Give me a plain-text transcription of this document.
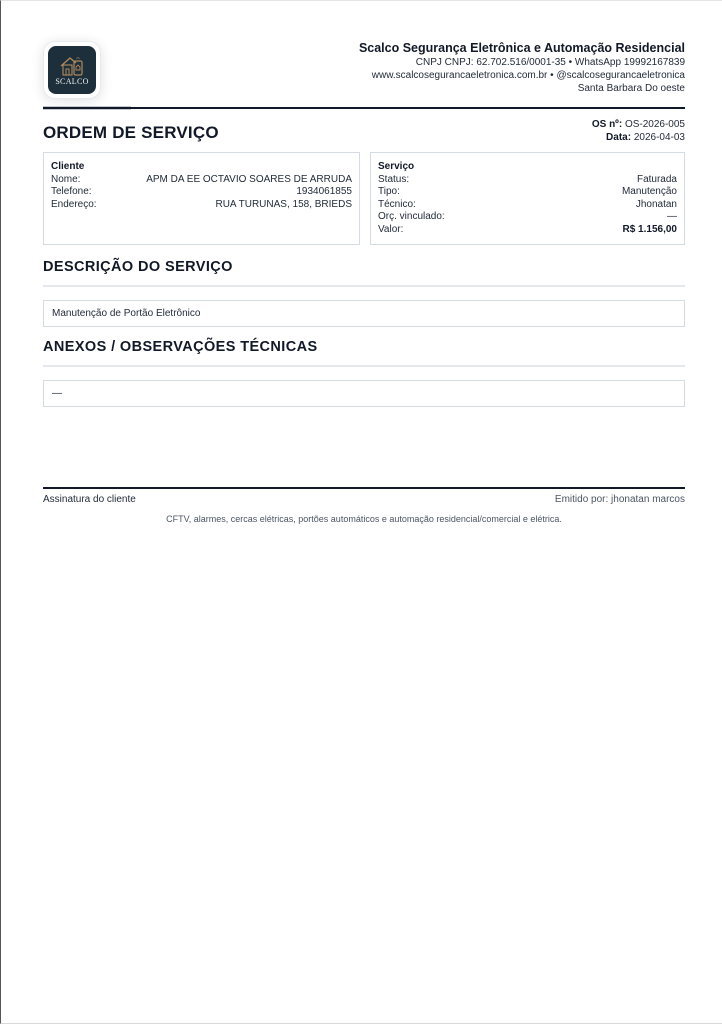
SCALCO
Scalco Segurança Eletrônica e Automação Residencial
CNPJ CNPJ: 62.702.516/0001-35 • WhatsApp 19992167839
www.scalcosegurancaeletronica.com.br • @scalcosegurancaeletronica
Santa Barbara Do oeste
ORDEM DE SERVIÇO	OS nº: OS-2026-005
Data: 2026-04-03
Cliente
Nome:	APM DA EE OCTAVIO SOARES DE ARRUDA
Telefone:	1934061855
Endereço:	RUA TURUNAS, 158, BRIEDS
Serviço
Status:	Faturada
Tipo:	Manutenção
Técnico:	Jhonatan
Orç. vinculado:	—
Valor:	R$ 1.156,00
DESCRIÇÃO DO SERVIÇO
Manutenção de Portão Eletrônico
ANEXOS / OBSERVAÇÕES TÉCNICAS
—
Assinatura do cliente	Emitido por: jhonatan marcos
CFTV, alarmes, cercas elétricas, portões automáticos e automação residencial/comercial e elétrica.
